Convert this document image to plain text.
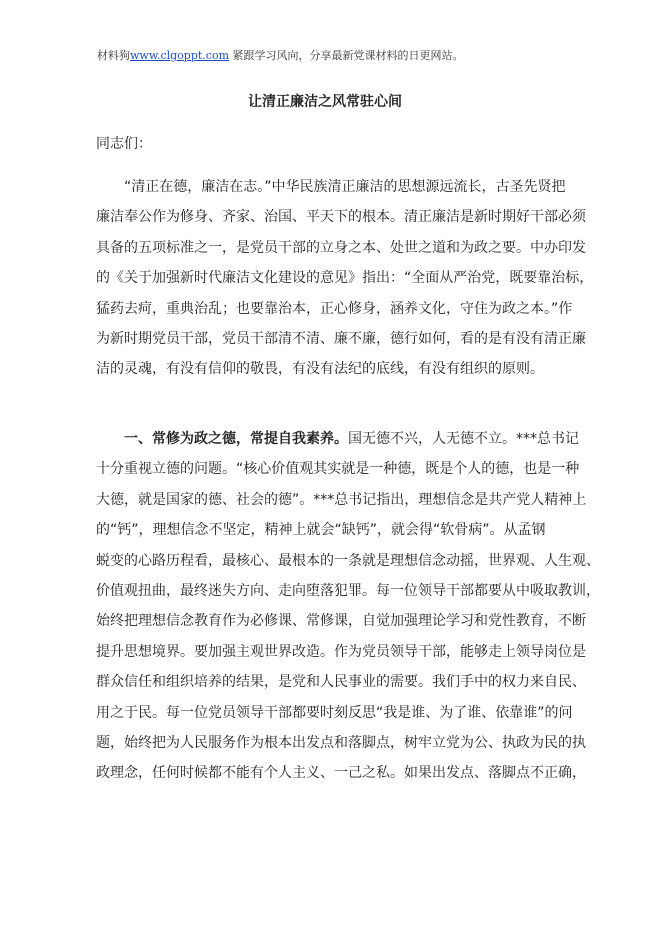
材料狗www.clgoppt.com 紧跟学习风向，分享最新党课材料的日更网站。
让清正廉洁之风常驻心间
同志们：
“清正在德，廉洁在志。”中华民族清正廉洁的思想源远流长，古圣先贤把
廉洁奉公作为修身、齐家、治国、平天下的根本。清正廉洁是新时期好干部必须
具备的五项标准之一，是党员干部的立身之本、处世之道和为政之要。中办印发
的《关于加强新时代廉洁文化建设的意见》指出：“全面从严治党，既要靠治标，
猛药去疴，重典治乱；也要靠治本，正心修身，涵养文化，守住为政之本。”作
为新时期党员干部，党员干部清不清、廉不廉，德行如何，看的是有没有清正廉
洁的灵魂，有没有信仰的敬畏，有没有法纪的底线，有没有组织的原则。
一、常修为政之德，常提自我素养。国无德不兴，人无德不立。***总书记
十分重视立德的问题。“核心价值观其实就是一种德，既是个人的德，也是一种
大德，就是国家的德、社会的德”。***总书记指出，理想信念是共产党人精神上
的“钙”，理想信念不坚定，精神上就会“缺钙”，就会得“软骨病”。从孟钢
蜕变的心路历程看，最核心、最根本的一条就是理想信念动摇，世界观、人生观、
价值观扭曲，最终迷失方向、走向堕落犯罪。每一位领导干部都要从中吸取教训，
始终把理想信念教育作为必修课、常修课，自觉加强理论学习和党性教育，不断
提升思想境界。要加强主观世界改造。作为党员领导干部，能够走上领导岗位是
群众信任和组织培养的结果，是党和人民事业的需要。我们手中的权力来自民、
用之于民。每一位党员领导干部都要时刻反思“我是谁、为了谁、依靠谁”的问
题，始终把为人民服务作为根本出发点和落脚点，树牢立党为公、执政为民的执
政理念，任何时候都不能有个人主义、一己之私。如果出发点、落脚点不正确，
